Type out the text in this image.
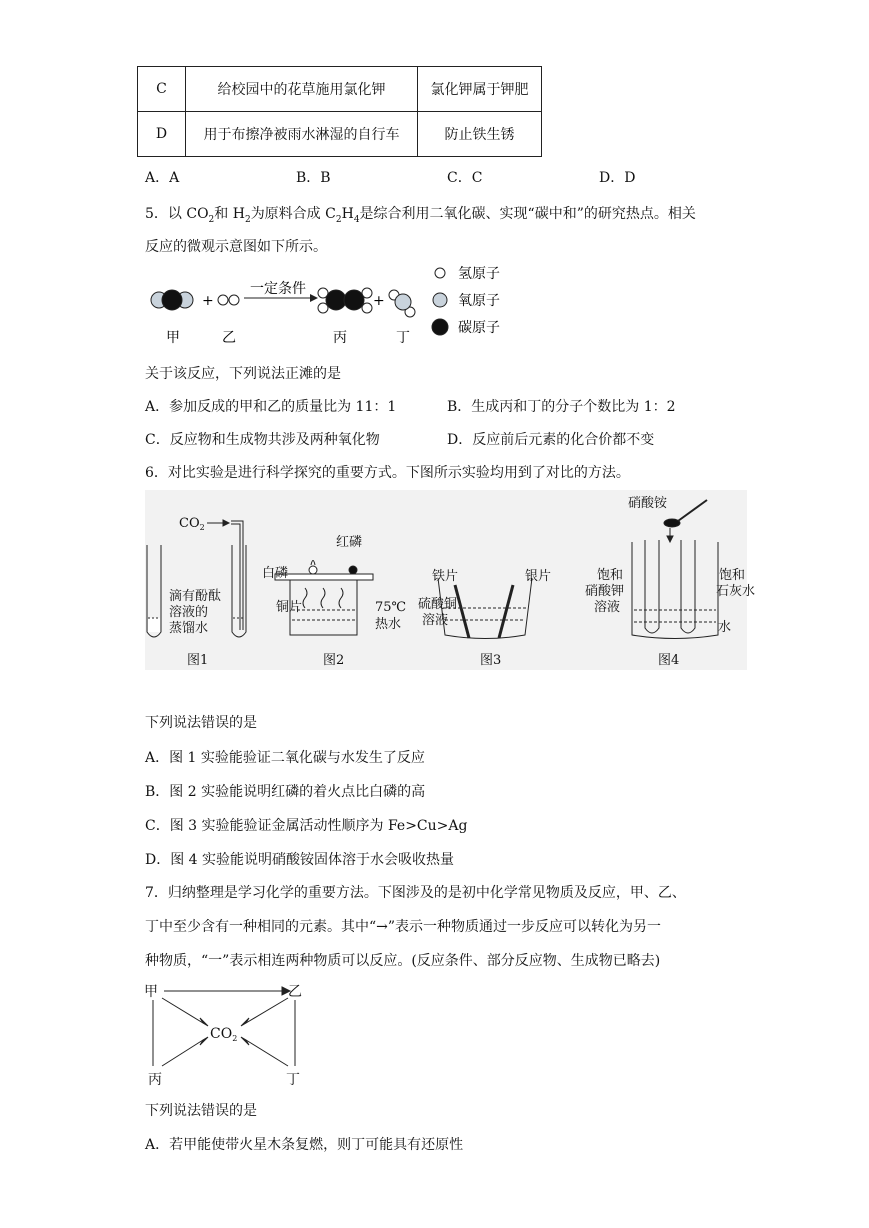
C	给校园中的花草施用氯化钾	氯化钾属于钾肥
D	用于布擦净被雨水淋湿的自行车	防止铁生锈
A．A	B．B	C．C	D．D
5．以 $CO_2$和 $H_2$为原料合成 $C_2H_4$是综合利用二氧化碳、实现“碳中和”的研究热点。相关
反应的微观示意图如下所示。
+	+
一定条件
甲	乙	丙	丁
氢原子
氧原子
碳原子
关于该反应，下列说法正滩的是
A．参加反成的甲和乙的质量比为 11：1	B．生成丙和丁的分子个数比为 1：2
C．反应物和生成物共涉及两种氧化物	D．反应前后元素的化合价都不变
6．对比实验是进行科学探究的重要方式。下图所示实验均用到了对比的方法。
$CO_2$
滴有酚酞
溶液的
蒸馏水
图1
白磷
红磷
铜片	75℃
热水
图2
铁片	银片
硫酸铜
溶液
图3
硝酸铵
饱和
硝酸钾
溶液
饱和
石灰水
水
图4
下列说法错误的是
A．图 1 实验能验证二氧化碳与水发生了反应
B．图 2 实验能说明红磷的着火点比白磷的高
C．图 3 实验能验证金属活动性顺序为 Fe>Cu>Ag
D．图 4 实验能说明硝酸铵固体溶于水会吸收热量
7．归纳整理是学习化学的重要方法。下图涉及的是初中化学常见物质及反应，甲、乙、
丁中至少含有一种相同的元素。其中“→”表示一种物质通过一步反应可以转化为另一
种物质，“一”表示相连两种物质可以反应。(反应条件、部分反应物、生成物已略去)
甲	乙
丙	丁
$CO_2$
下列说法错误的是
A．若甲能使带火星木条复燃，则丁可能具有还原性
